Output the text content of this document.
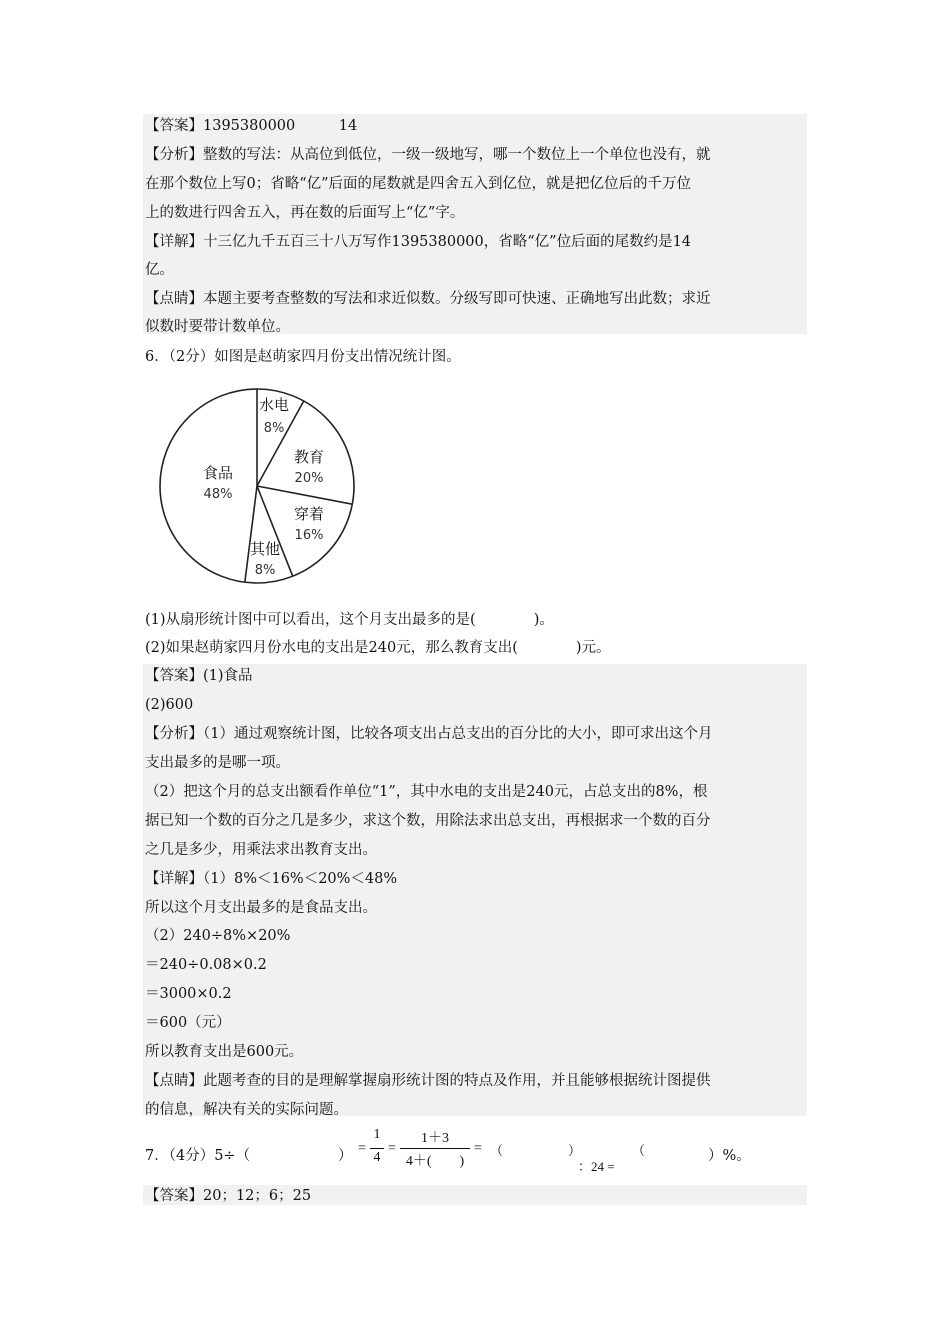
【答案】1395380000　　　14
【分析】整数的写法：从高位到低位，一级一级地写，哪一个数位上一个单位也没有，就
在那个数位上写0；省略“亿”后面的尾数就是四舍五入到亿位，就是把亿位后的千万位
上的数进行四舍五入，再在数的后面写上“亿”字。
【详解】十三亿九千五百三十八万写作1395380000，省略“亿”位后面的尾数约是14
亿。
【点睛】本题主要考查整数的写法和求近似数。分级写即可快速、正确地写出此数；求近
似数时要带计数单位。
6．（2分）如图是赵萌家四月份支出情况统计图。
水电
8%
教育
20%
穿着
16%
其他
8%
食品
48%
(1)从扇形统计图中可以看出，这个月支出最多的是(　　　　)。
(2)如果赵萌家四月份水电的支出是240元，那么教育支出(　　　　)元。
【答案】(1)食品
(2)600
【分析】（1）通过观察统计图，比较各项支出占总支出的百分比的大小，即可求出这个月
支出最多的是哪一项。
（2）把这个月的总支出额看作单位“1”，其中水电的支出是240元，占总支出的8%，根
据已知一个数的百分之几是多少，求这个数，用除法求出总支出，再根据求一个数的百分
之几是多少，用乘法求出教育支出。
【详解】（1）8%＜16%＜20%＜48%
所以这个月支出最多的是食品支出。
（2）240÷8%×20%
＝240÷0.08×0.2
＝3000×0.2
＝600（元）
所以教育支出是600元。
【点睛】此题考查的目的是理解掌握扇形统计图的特点及作用，并且能够根据统计图提供
的信息，解决有关的实际问题。
7．（4分）5÷（	） =
1
4
=
1＋3
4＋(　　)
= （	）
：24 =
（	）%。
【答案】20；12；6；25
